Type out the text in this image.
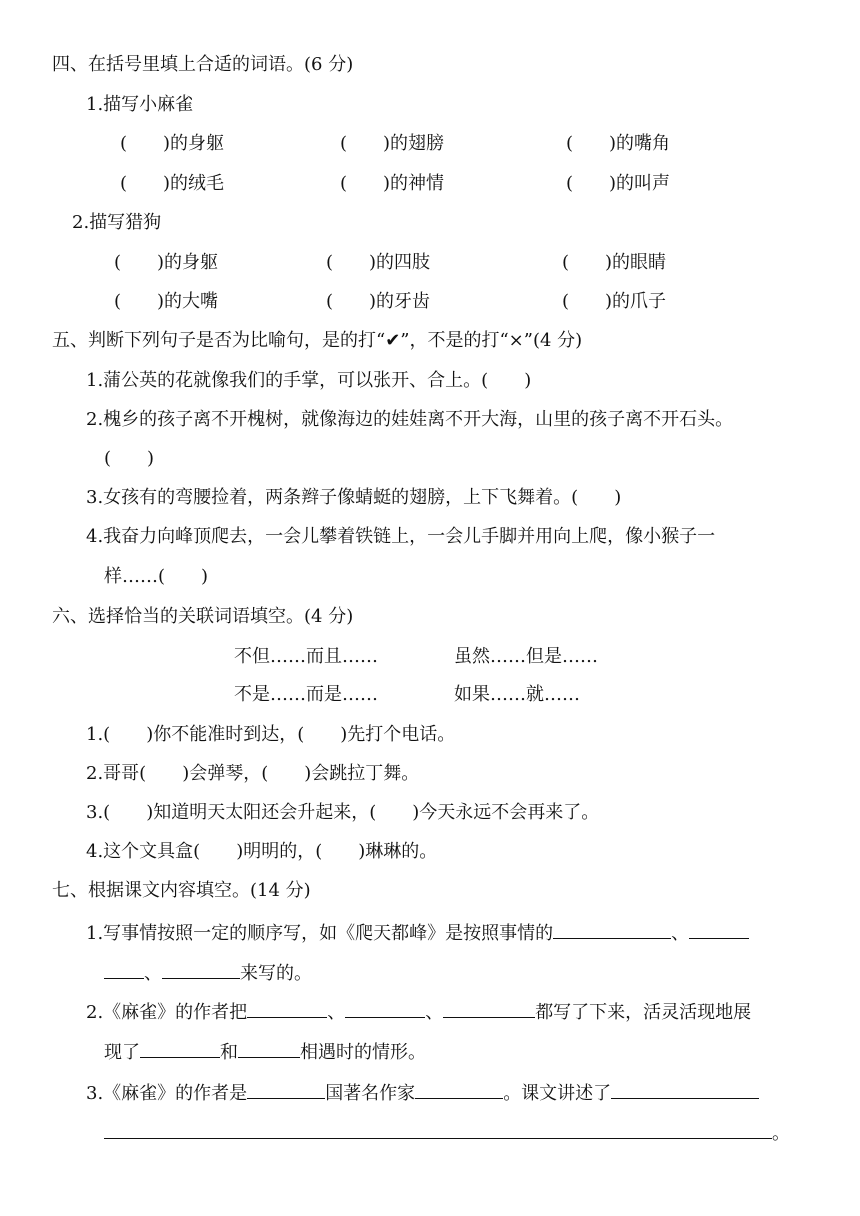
四、在括号里填上合适的词语。(6 分)
1.描写小麻雀
(　　)的身躯	(　　)的翅膀	(　　)的嘴角
(　　)的绒毛	(　　)的神情	(　　)的叫声
2.描写猎狗
(　　)的身躯	(　　)的四肢	(　　)的眼睛
(　　)的大嘴	(　　)的牙齿	(　　)的爪子
五、判断下列句子是否为比喻句，是的打“✔”，不是的打“×”(4 分)
1.蒲公英的花就像我们的手掌，可以张开、合上。(　　)
2.槐乡的孩子离不开槐树，就像海边的娃娃离不开大海，山里的孩子离不开石头。
(　　)
3.女孩有的弯腰捡着，两条辫子像蜻蜓的翅膀，上下飞舞着。(　　)
4.我奋力向峰顶爬去，一会儿攀着铁链上，一会儿手脚并用向上爬，像小猴子一
样……(　　)
六、选择恰当的关联词语填空。(4 分)
不但……而且……	虽然……但是……
不是……而是……	如果……就……
1.(　　)你不能准时到达，(　　)先打个电话。
2.哥哥(　　)会弹琴，(　　)会跳拉丁舞。
3.(　　)知道明天太阳还会升起来，(　　)今天永远不会再来了。
4.这个文具盒(　　)明明的，(　　)琳琳的。
七、根据课文内容填空。(14 分)
1.写事情按照一定的顺序写，如《爬天都峰》是按照事情的	、
、	来写的。
2.《麻雀》的作者把	、	、	都写了下来，活灵活现地展
现了	和	相遇时的情形。
3.《麻雀》的作者是	国著名作家	。课文讲述了
。
